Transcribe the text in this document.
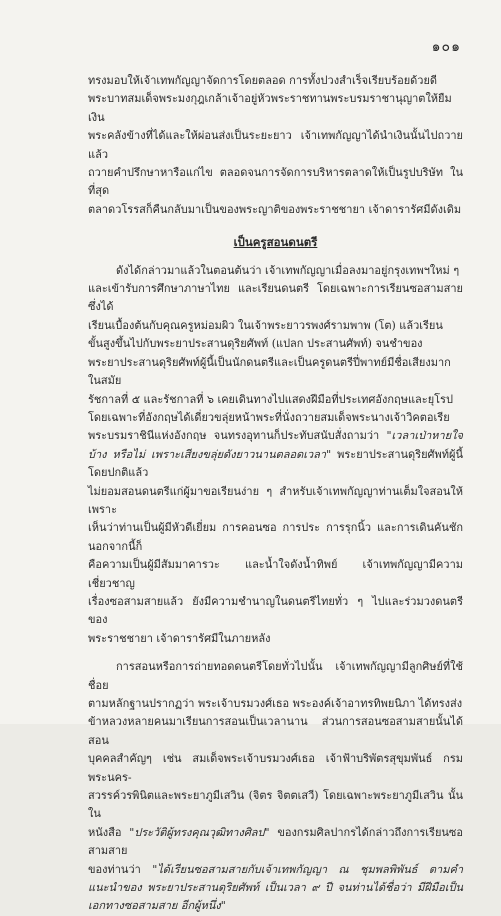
๑๐๑
ทรงมอบให้เจ้าเทพกัญญาจัดการโดยตลอด การทั้งปวงสำเร็จเรียบร้อยด้วยดี
พระบาทสมเด็จพระมงกุฎเกล้าเจ้าอยู่หัวพระราชทานพระบรมราชานุญาตให้ยืมเงิน
พระคลังข้างที่ได้และให้ผ่อนส่งเป็นระยะยาว เจ้าเทพกัญญาได้นำเงินนั้นไปถวาย แล้ว
ถวายคำปรึกษาหารือแก่ไข ตลอดจนการจัดการบริหารตลาดให้เป็นรูปบริษัท ในที่สุด
ตลาดวโรรสก็คืนกลับมาเป็นของพระญาติของพระราชชายา เจ้าดารารัศมีดังเดิม
เป็นครูสอนดนตรี
ดังได้กล่าวมาแล้วในตอนต้นว่า เจ้าเทพกัญญาเมื่อลงมาอยู่กรุงเทพฯใหม่ ๆ
และเข้ารับการศึกษาภาษาไทย และเรียนดนตรี โดยเฉพาะการเรียนซอสามสาย ซึ่งได้
เรียนเบื้องต้นกับคุณครูหม่อมผิว ในเจ้าพระยาวรพงศ์รามพาพ (โต) แล้วเรียน
ขั้นสูงขึ้นไปกับพระยาประสานดุริยศัพท์ (แปลก ประสานศัพท์) จนชำของ
พระยาประสานดุริยศัพท์ผู้นี้เป็นนักดนตรีและเป็นครูดนตรีปี่พาทย์มีชื่อเสียงมากในสมัย
รัชกาลที่ ๕ และรัชกาลที่ ๖ เคยเดินทางไปแสดงฝีมือที่ประเทศอังกฤษและยุโรป
โดยเฉพาะที่อังกฤษได้เดี่ยวขลุ่ยหน้าพระที่นั่งถวายสมเด็จพระนางเจ้าวิคตอเรีย
พระบรมราชินีแห่งอังกฤษ จนทรงอุทานก็ประทับสนับสั่งถามว่า "เวลาเป่าหายใจบ้าง หรือไม่ เพราะเสียงขลุ่ยดังยาวนานตลอดเวลา" พระยาประสานดุริยศัพท์ผู้นี้ โดยปกติแล้ว
ไม่ยอมสอนดนตรีแก่ผู้มาขอเรียนง่าย ๆ สำหรับเจ้าเทพกัญญาท่านเต็มใจสอนให้ เพราะ
เห็นว่าท่านเป็นผู้มีหัวดีเยี่ยม การคอนซอ การประ การรุกนิ้ว และการเดินคันชัก นอกจากนี้ก็
คือความเป็นผู้มีสัมมาคารวะ และน้ำใจดังน้ำทิพย์ เจ้าเทพกัญญามีความเชี่ยวชาญ
เรื่องซอสามสายแล้ว ยังมีความชำนาญในดนตรีไทยทั่ว ๆ ไปและร่วมวงดนตรีของ
พระราชชายา เจ้าดารารัศมีในภายหลัง
การสอนหรือการถ่ายทอดดนตรีโดยทั่วไปนั้น เจ้าเทพกัญญามีลูกศิษย์ที่ใช้ชื่อย
ตามหลักฐานปรากฏว่า พระเจ้าบรมวงศ์เธอ พระองค์เจ้าอาทรทิพยนิภา ได้ทรงส่ง
ข้าหลวงหลายคนมาเรียนการสอนเป็นเวลานาน ส่วนการสอนซอสามสายนั้นได้สอน
บุคคลสำคัญๆ เช่น สมเด็จพระเจ้าบรมวงศ์เธอ เจ้าฟ้าบริพัตรสุขุมพันธ์ กรมพระนคร-
สวรรค์วรพินิตและพระยาภูมีเสวิน (จิตร จิตตเสวี) โดยเฉพาะพระยาภูมีเสวิน นั้น ใน
หนังสือ "ประวัติผู้ทรงคุณวุฒิทางศิลป" ของกรมศิลปากรได้กล่าวถึงการเรียนซอสามสาย
ของท่านว่า "ได้เรียนซอสามสายกับเจ้าเทพกัญญา ณ ชุมพลพิพันธ์ ตามคำแนะนำของ พระยาประสานดุริยศัพท์ เป็นเวลา ๙ ปี จนท่านได้ชื่อว่า มีฝีมือเป็นเอกทางซอสามสาย อีกผู้หนึ่ง"
